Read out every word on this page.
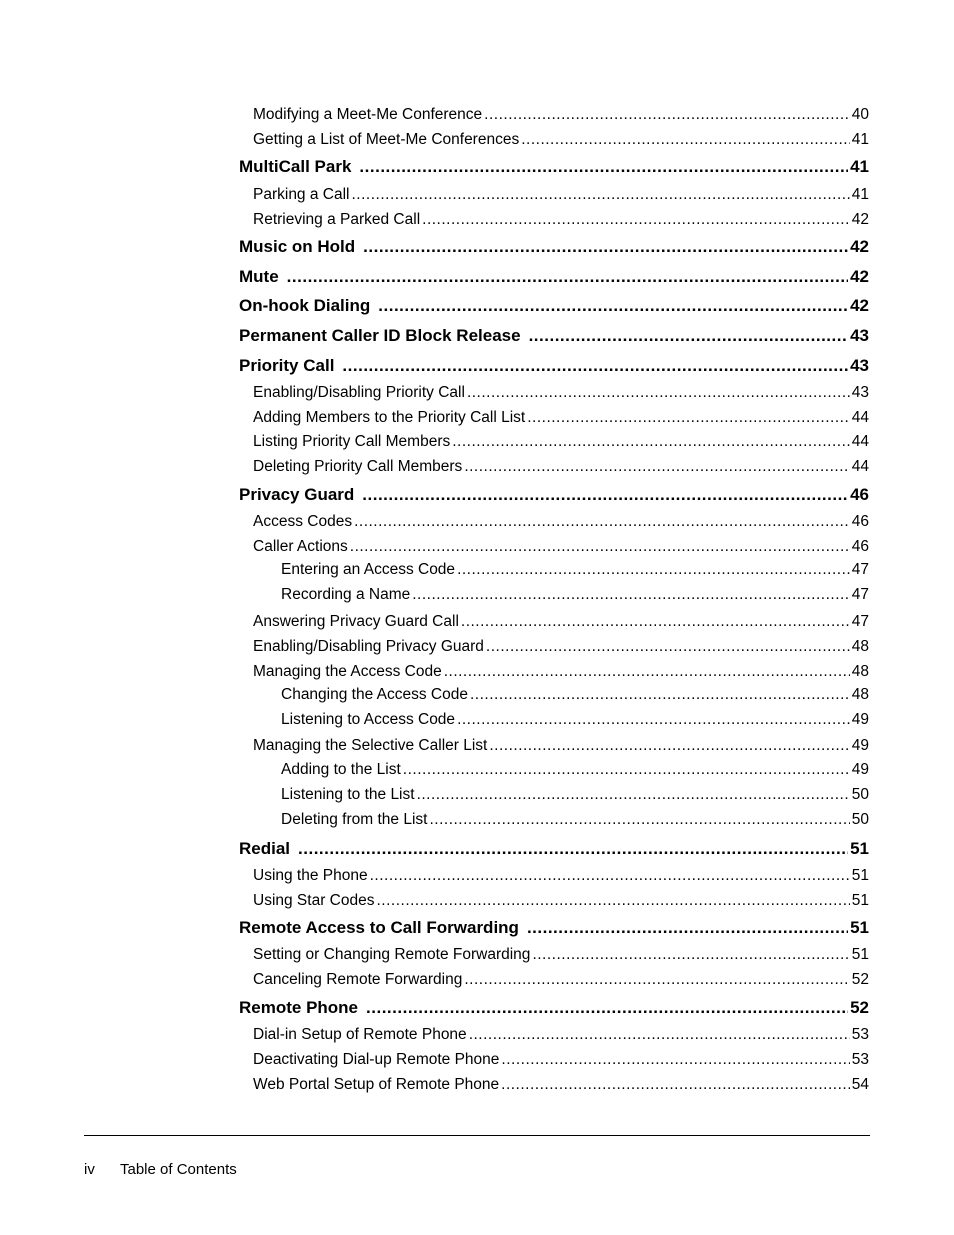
Modifying a Meet-Me Conference .....	40
Getting a List of Meet-Me Conferences .....	41
MultiCall Park .....	41
Parking a Call .....	41
Retrieving a Parked Call .....	42
Music on Hold .....	42
Mute .....	42
On-hook Dialing .....	42
Permanent Caller ID Block Release .....	43
Priority Call .....	43
Enabling/Disabling Priority Call .....	43
Adding Members to the Priority Call List .....	44
Listing Priority Call Members .....	44
Deleting Priority Call Members .....	44
Privacy Guard .....	46
Access Codes .....	46
Caller Actions .....	46
Entering an Access Code .....	47
Recording a Name .....	47
Answering Privacy Guard Call .....	47
Enabling/Disabling Privacy Guard .....	48
Managing the Access Code .....	48
Changing the Access Code .....	48
Listening to Access Code .....	49
Managing the Selective Caller List .....	49
Adding to the List .....	49
Listening to the List .....	50
Deleting from the List .....	50
Redial .....	51
Using the Phone .....	51
Using Star Codes .....	51
Remote Access to Call Forwarding .....	51
Setting or Changing Remote Forwarding .....	51
Canceling Remote Forwarding .....	52
Remote Phone .....	52
Dial-in Setup of Remote Phone .....	53
Deactivating Dial-up Remote Phone .....	53
Web Portal Setup of Remote Phone .....	54
iv Table of Contents
